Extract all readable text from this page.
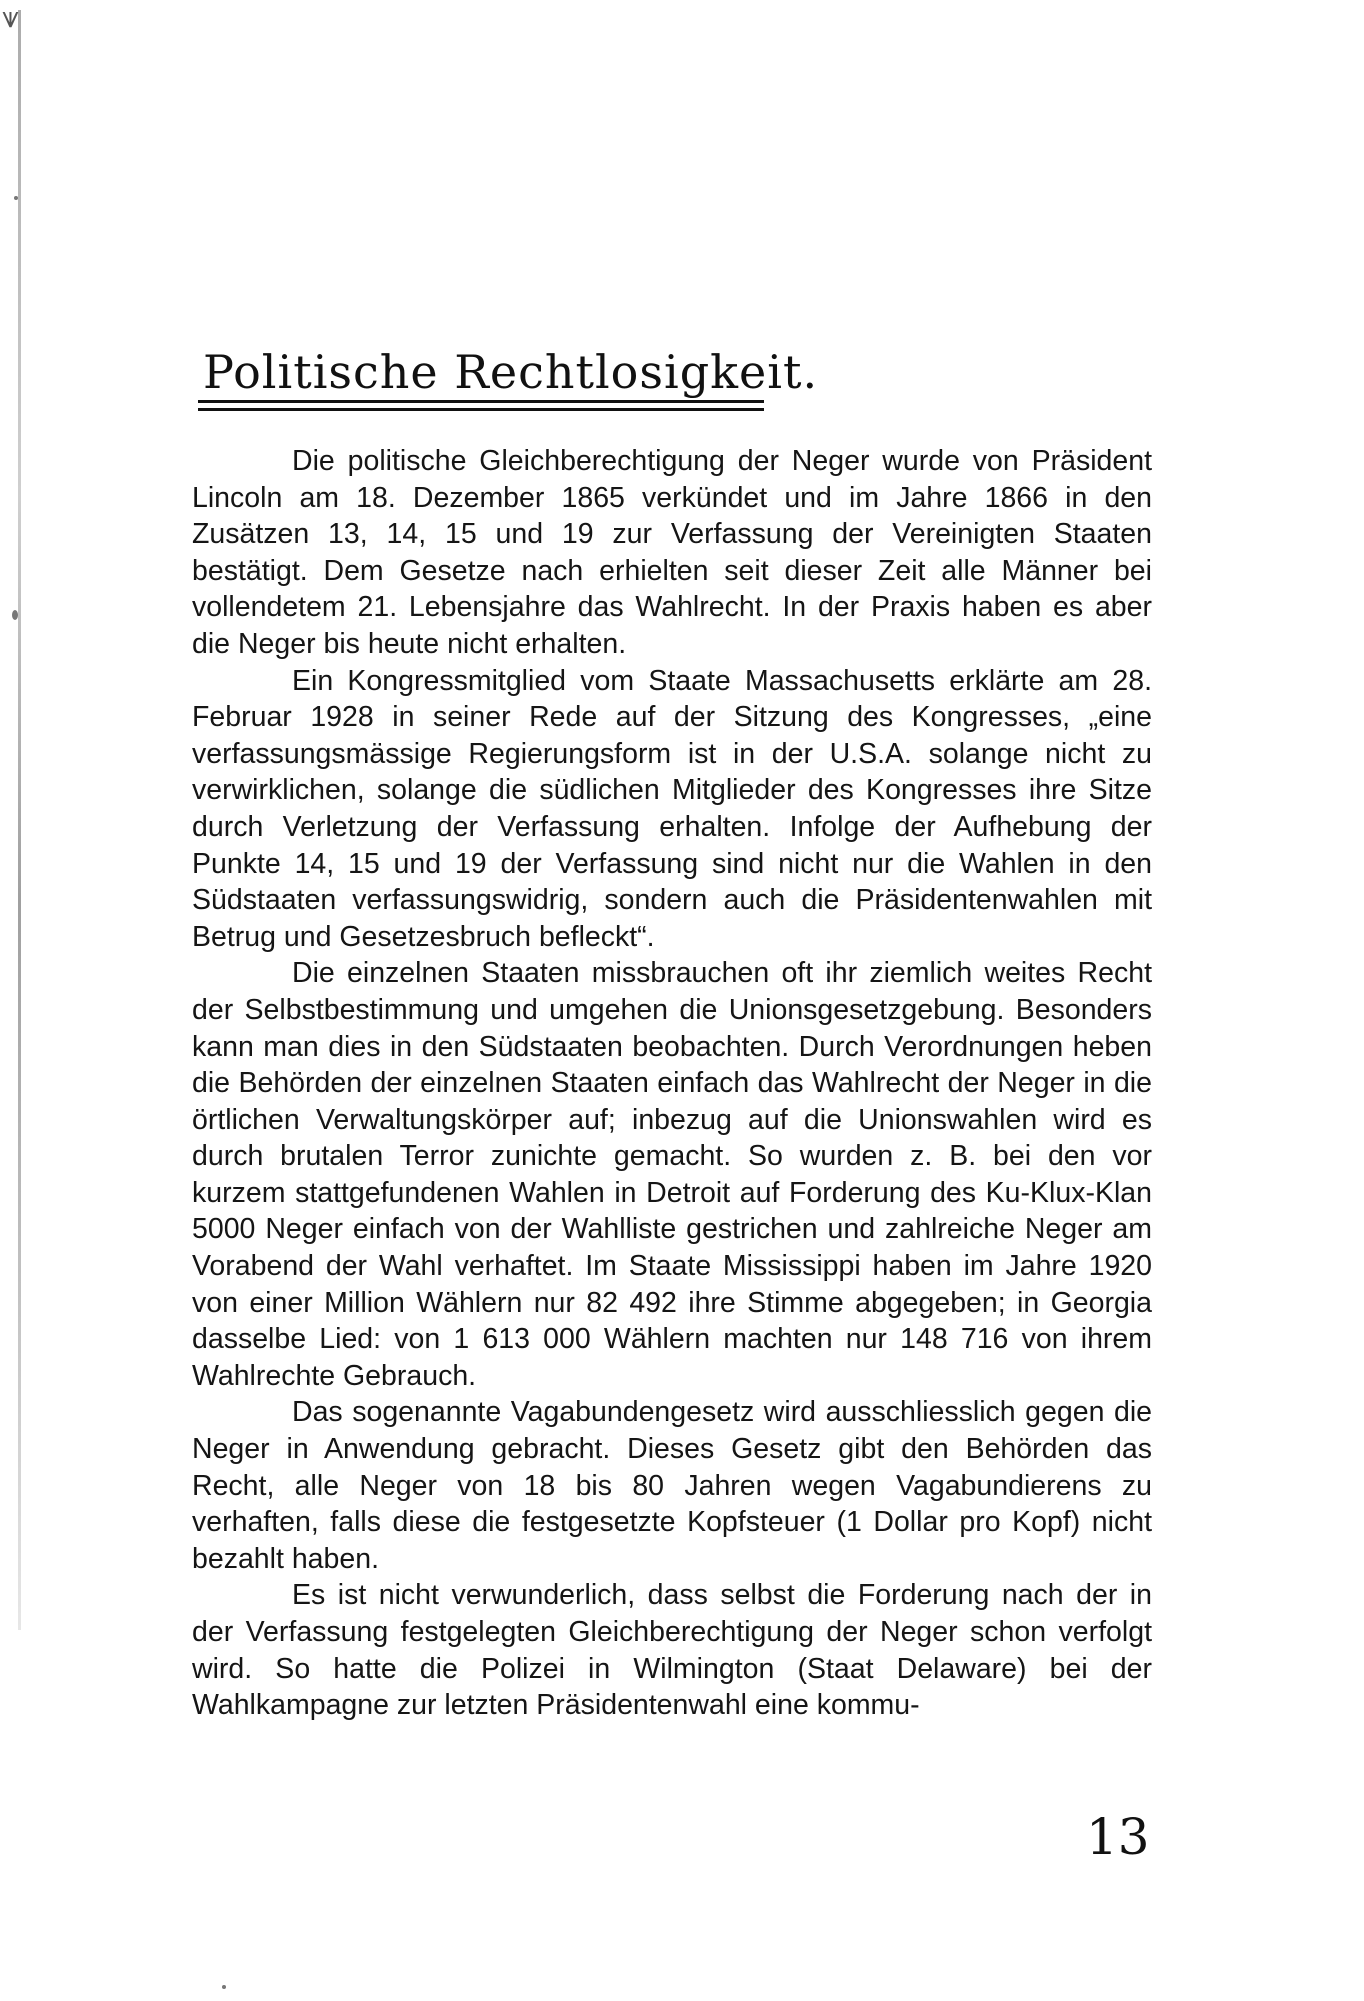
⩛
Politische Rechtlosigkeit.

Die politische Gleichberechtigung der Neger wurde von Präsident Lincoln am 18. Dezember 1865 verkündet und im Jahre 1866 in den Zusätzen 13, 14, 15 und 19 zur Verfassung der Vereinigten Staaten bestätigt. Dem Gesetze nach erhielten seit dieser Zeit alle Männer bei vollendetem 21. Lebensjahre das Wahlrecht. In der Praxis haben es aber die Neger bis heute nicht erhalten.

Ein Kongressmitglied vom Staate Massachusetts erklärte am 28. Februar 1928 in seiner Rede auf der Sitzung des Kongresses, „eine verfassungsmässige Regierungsform ist in der U.S.A. solange nicht zu verwirklichen, solange die südlichen Mitglieder des Kongresses ihre Sitze durch Verletzung der Verfassung erhalten. Infolge der Aufhebung der Punkte 14, 15 und 19 der Verfassung sind nicht nur die Wahlen in den Südstaaten verfassungswidrig, sondern auch die Präsidentenwahlen mit Betrug und Gesetzesbruch befleckt“.

Die einzelnen Staaten missbrauchen oft ihr ziemlich weites Recht der Selbstbestimmung und umgehen die Unionsgesetzgebung. Besonders kann man dies in den Südstaaten beobachten. Durch Verordnungen heben die Behörden der einzelnen Staaten einfach das Wahlrecht der Neger in die örtlichen Verwaltungskörper auf; inbezug auf die Unionswahlen wird es durch brutalen Terror zunichte gemacht. So wurden z. B. bei den vor kurzem stattgefundenen Wahlen in Detroit auf Forderung des Ku-Klux-Klan 5000 Neger einfach von der Wahlliste gestrichen und zahlreiche Neger am Vorabend der Wahl verhaftet. Im Staate Mississippi haben im Jahre 1920 von einer Million Wählern nur 82 492 ihre Stimme abgegeben; in Georgia dasselbe Lied: von 1 613 000 Wählern machten nur 148 716 von ihrem Wahlrechte Gebrauch.

Das sogenannte Vagabundengesetz wird ausschliesslich gegen die Neger in Anwendung gebracht. Dieses Gesetz gibt den Behörden das Recht, alle Neger von 18 bis 80 Jahren wegen Vagabundierens zu verhaften, falls diese die festgesetzte Kopfsteuer (1 Dollar pro Kopf) nicht bezahlt haben.

Es ist nicht verwunderlich, dass selbst die Forderung nach der in der Verfassung festgelegten Gleichberechtigung der Neger schon verfolgt wird. So hatte die Polizei in Wilmington (Staat Delaware) bei der Wahlkampagne zur letzten Präsidentenwahl eine kommu-

13
